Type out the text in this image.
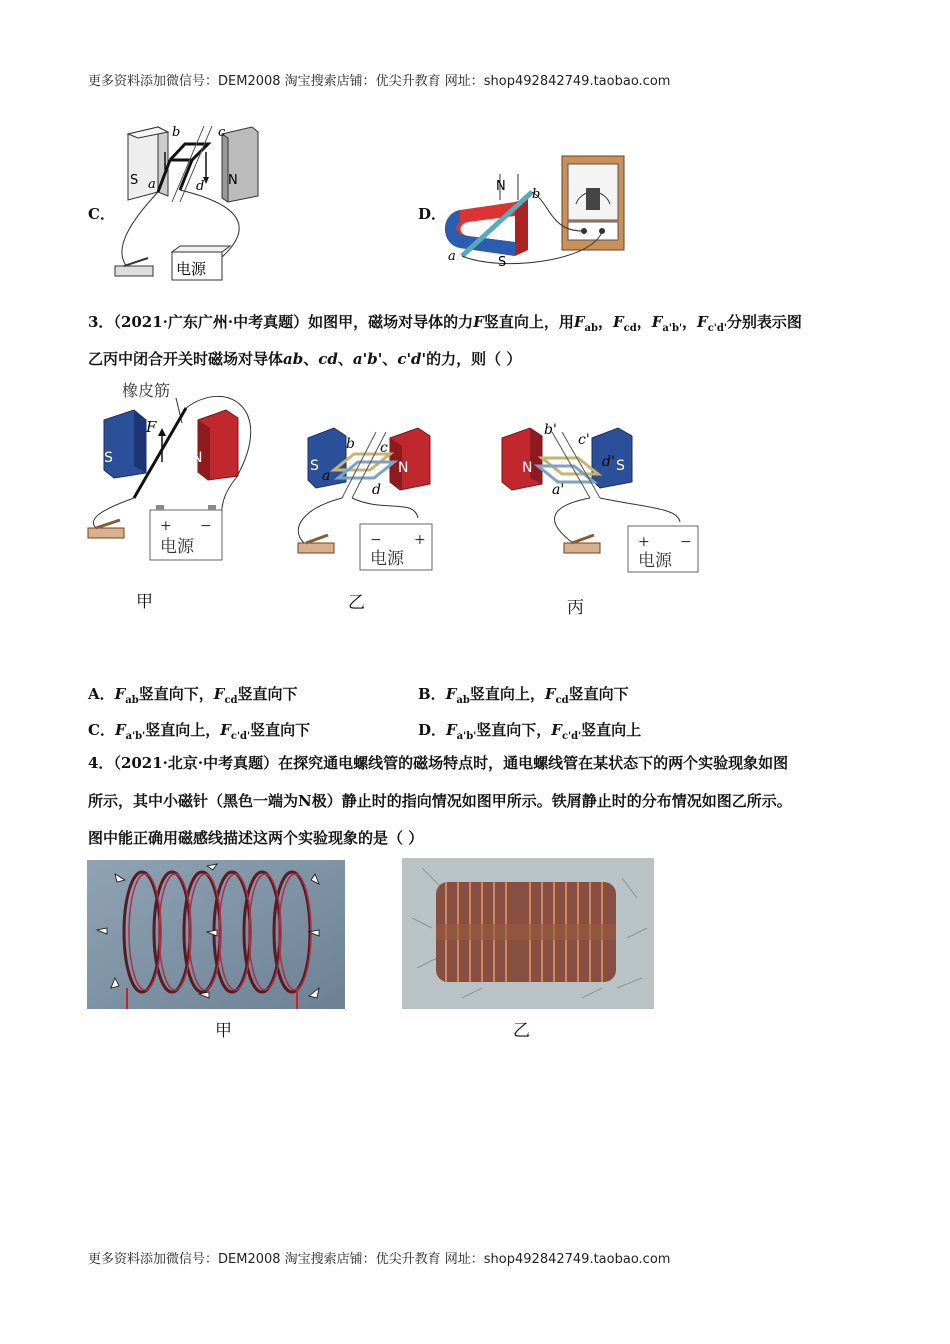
更多资料添加微信号：DEM2008 淘宝搜索店铺：优尖升教育 网址：shop492842749.taobao.com
C．
S	N
a
b	c
d
电源
D．
N
S
a
b
3．（2021·广东广州·中考真题）如图甲，磁场对导体的力F竖直向上，用$F_{ab}$，$F_{cd}$，$F_{a'b'}$，$F_{c'd'}$分别表示图
乙丙中闭合开关时磁场对导体ab、cd、a'b'、c'd'的力，则（ ）
橡皮筋
+ −
电源
F
S	N
甲
− +
电源
S	N
a
b c
d
乙
+ −
电源
N	S
a'
b'
c'
d'
丙
A．$F_{ab}$竖直向下，$F_{cd}$竖直向下	B．$F_{ab}$竖直向上，$F_{cd}$竖直向下
C．$F_{a'b'}$竖直向上，$F_{c'd'}$竖直向下	D．$F_{a'b'}$竖直向下，$F_{c'd'}$竖直向上
4．（2021·北京·中考真题）在探究通电螺线管的磁场特点时，通电螺线管在某状态下的两个实验现象如图
所示，其中小磁针（黑色一端为N极）静止时的指向情况如图甲所示。铁屑静止时的分布情况如图乙所示。
图中能正确用磁感线描述这两个实验现象的是（ ）
甲	乙
更多资料添加微信号：DEM2008 淘宝搜索店铺：优尖升教育 网址：shop492842749.taobao.com
